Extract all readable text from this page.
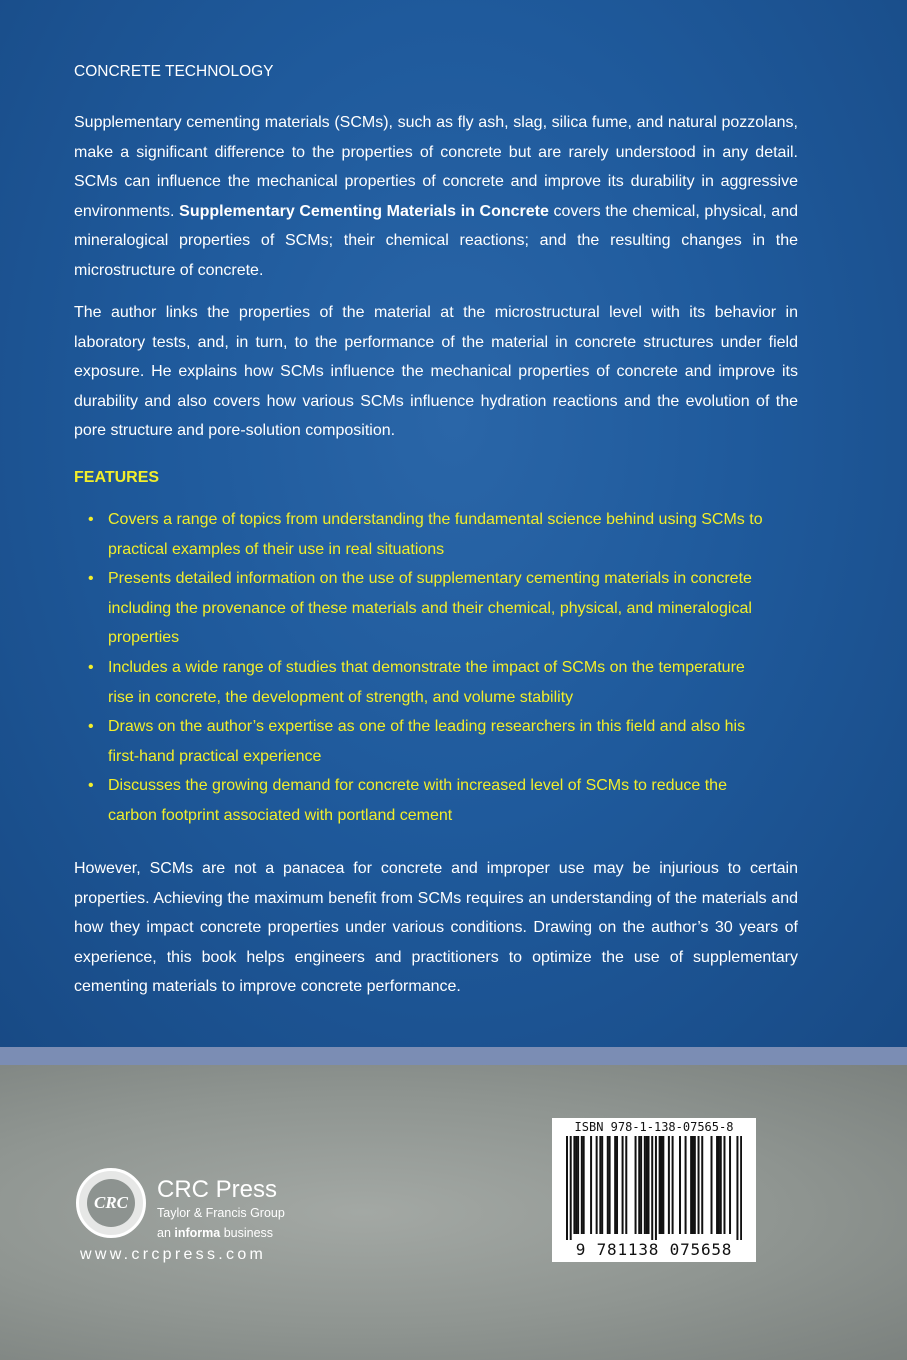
CONCRETE TECHNOLOGY

Supplementary cementing materials (SCMs), such as fly ash, slag, silica fume, and natural pozzolans, make a significant difference to the properties of concrete but are rarely understood in any detail. SCMs can influence the mechanical properties of concrete and improve its durability in aggressive environments. Supplementary Cementing Materials in Concrete covers the chemical, physical, and mineralogical properties of SCMs; their chemical reactions; and the resulting changes in the microstructure of concrete.

The author links the properties of the material at the microstructural level with its behavior in laboratory tests, and, in turn, to the performance of the material in concrete structures under field exposure. He explains how SCMs influence the mechanical properties of concrete and improve its durability and also covers how various SCMs influence hydration reactions and the evolution of the pore structure and pore-solution composition.

FEATURES
• Covers a range of topics from understanding the fundamental science behind using SCMs to practical examples of their use in real situations
• Presents detailed information on the use of supplementary cementing materials in concrete including the provenance of these materials and their chemical, physical, and mineralogical properties
• Includes a wide range of studies that demonstrate the impact of SCMs on the temperature rise in concrete, the development of strength, and volume stability
• Draws on the author’s expertise as one of the leading researchers in this field and also his first-hand practical experience
• Discusses the growing demand for concrete with increased level of SCMs to reduce the carbon footprint associated with portland cement

However, SCMs are not a panacea for concrete and improper use may be injurious to certain properties. Achieving the maximum benefit from SCMs requires an understanding of the materials and how they impact concrete properties under various conditions. Drawing on the author’s 30 years of experience, this book helps engineers and practitioners to optimize the use of supplementary cementing materials to improve concrete performance.

CRC CRC Press
Taylor & Francis Group
an informa business
www.crcpress.com
ISBN 978-1-138-07565-8
9 781138 075658
